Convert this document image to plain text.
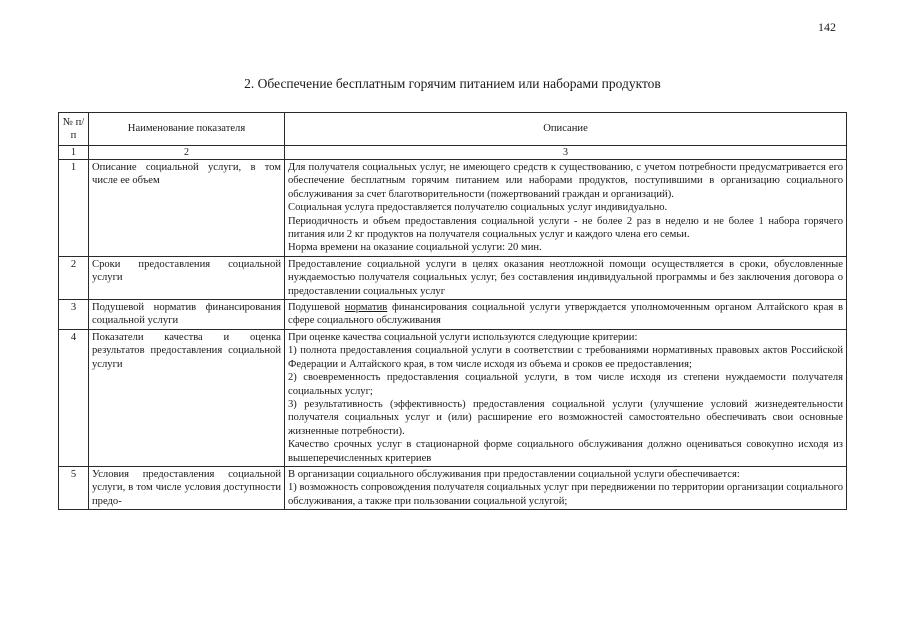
142
2. Обеспечение бесплатным горячим питанием или наборами продуктов
№ п/п	Наименование показателя	Описание
1	2	3
1	Описание социальной услуги, в том числе ее объем	Для получателя социальных услуг, не имеющего средств к существованию, с учетом потребности предусматривается его обеспечение бесплатным горячим питанием или наборами продуктов, поступившими в организацию социального обслуживания за счет благотворительности (пожертвований граждан и организаций).

Социальная услуга предоставляется получателю социальных услуг индивидуально.

Периодичность и объем предоставления социальной услуги - не более 2 раз в неделю и не более 1 набора горячего питания или 2 кг продуктов на получателя социальных услуг и каждого члена его семьи.

Норма времени на оказание социальной услуги: 20 мин.

2	Сроки предоставления социальной услуги	Предоставление социальной услуги в целях оказания неотложной помощи осуществляется в сроки, обусловленные нуждаемостью получателя социальных услуг, без составления индивидуальной программы и без заключения договора о предоставлении социальных услуг

3	Подушевой норматив финансирования социальной услуги	Подушевой норматив финансирования социальной услуги утверждается уполномоченным органом Алтайского края в сфере социального обслуживания

4	Показатели качества и оценка результатов предоставления социальной услуги	При оценке качества социальной услуги используются следующие критерии:

1) полнота предоставления социальной услуги в соответствии с требованиями нормативных правовых актов Российской Федерации и Алтайского края, в том числе исходя из объема и сроков ее предоставления;

2) своевременность предоставления социальной услуги, в том числе исходя из степени нуждаемости получателя социальных услуг;

3) результативность (эффективность) предоставления социальной услуги (улучшение условий жизнедеятельности получателя социальных услуг и (или) расширение его возможностей самостоятельно обеспечивать свои основные жизненные потребности).

Качество срочных услуг в стационарной форме социального обслуживания должно оцениваться совокупно исходя из вышеперечисленных критериев

5	Условия предоставления социальной услуги, в том числе условия доступности предо-	В организации социального обслуживания при предоставлении социальной услуги обеспечивается:

1) возможность сопровождения получателя социальных услуг при передвижении по территории организации социального обслуживания, а также при пользовании социальной услугой;
